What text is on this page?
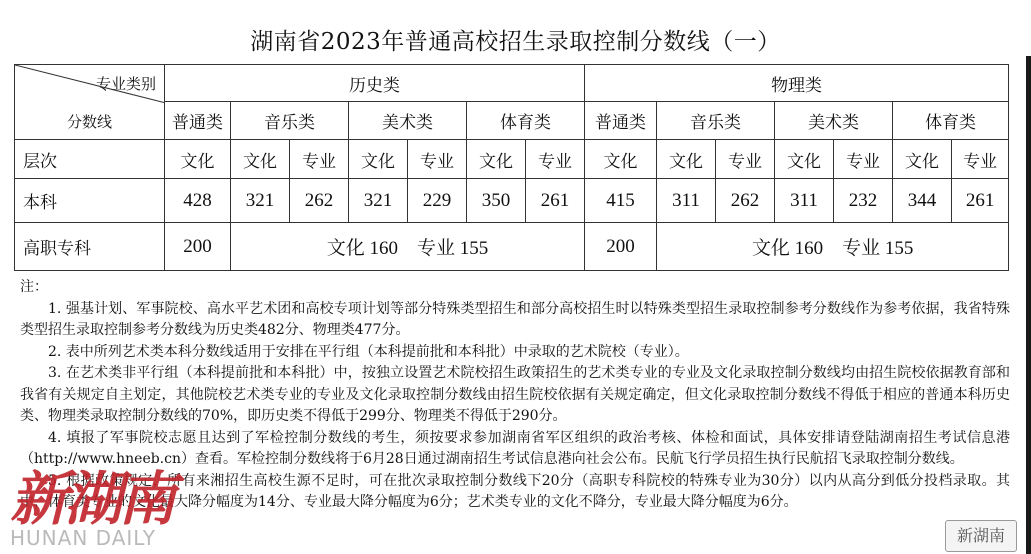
湖南省2023年普通高校招生录取控制分数线（一）
专业类别
分数线	历史类							物理类						
	普通类	音乐类		美术类		体育类		普通类	音乐类		美术类		体育类	
层次	文化	文化	专业	文化	专业	文化	专业	文化	文化	专业	文化	专业	文化	专业
本科	428	321	262	321	229	350	261	415	311	262	311	232	344	261
高职专科	200	文化 160　专业 155						200	文化 160　专业 155					

注：

1. 强基计划、军事院校、高水平艺术团和高校专项计划等部分特殊类型招生和部分高校招生时以特殊类型招生录取控制参考分数线作为参考依据，我省特殊类型招生录取控制参考分数线为历史类482分、物理类477分。

2. 表中所列艺术类本科分数线适用于安排在平行组（本科提前批和本科批）中录取的艺术院校（专业）。

3. 在艺术类非平行组（本科提前批和本科批）中，按独立设置艺术院校招生政策招生的艺术类专业的专业及文化录取控制分数线均由招生院校依据教育部和我省有关规定自主划定，其他院校艺术类专业的专业及文化录取控制分数线由招生院校依据有关规定确定，但文化录取控制分数线不得低于相应的普通本科历史类、物理类录取控制分数线的70%，即历史类不得低于299分、物理类不得低于290分。

4. 填报了军事院校志愿且达到了军检控制分数线的考生，须按要求参加湖南省军区组织的政治考核、体检和面试，具体安排请登陆湖南招生考试信息港（http://www.hneeb.cn）查看。军检控制分数线将于6月28日通过湖南招生考试信息港向社会公布。民航飞行学员招生执行民航招飞录取控制分数线。

5. 根据政策规定，所有来湘招生高校生源不足时，可在批次录取控制分数线下20分（高职专科院校的特殊专业为30分）以内从高分到低分投档录取。其中，体育类专业的文化最大降分幅度为14分、专业最大降分幅度为6分；艺术类专业的文化不降分，专业最大降分幅度为6分。

新湖南
HUNAN DAILY	新湖南
